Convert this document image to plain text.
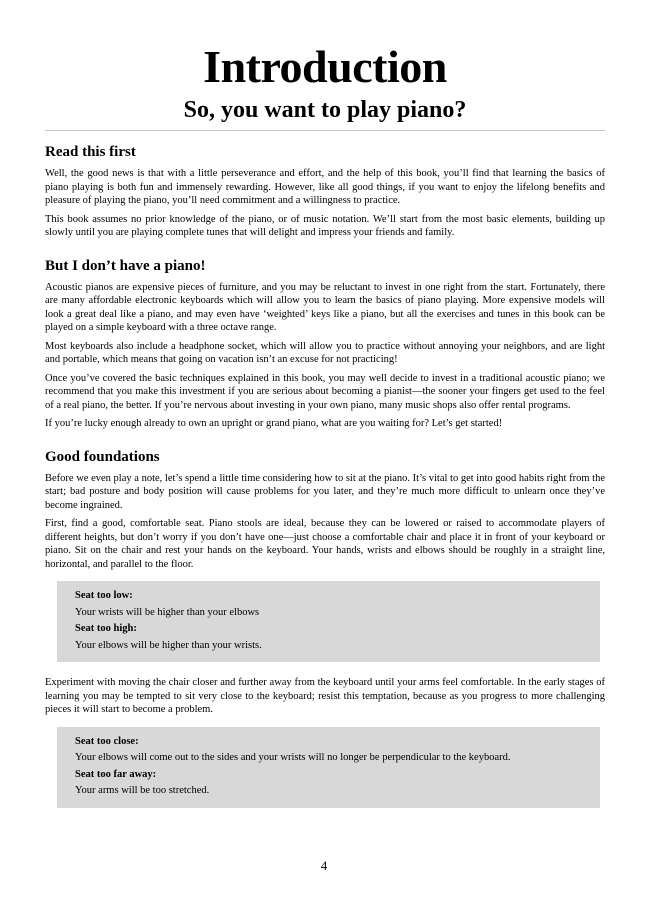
Introduction
So, you want to play piano?
Read this first

Well, the good news is that with a little perseverance and effort, and the help of this book, you’ll find that learning the basics of piano playing is both fun and immensely rewarding. However, like all good things, if you want to enjoy the lifelong benefits and pleasure of playing the piano, you’ll need commitment and a willingness to practice.

This book assumes no prior knowledge of the piano, or of music notation. We’ll start from the most basic elements, building up slowly until you are playing complete tunes that will delight and impress your friends and family.

But I don’t have a piano!

Acoustic pianos are expensive pieces of furniture, and you may be reluctant to invest in one right from the start. Fortunately, there are many affordable electronic keyboards which will allow you to learn the basics of piano playing. More expensive models will look a great deal like a piano, and may even have ‘weighted’ keys like a piano, but all the exercises and tunes in this book can be played on a simple keyboard with a three octave range.

Most keyboards also include a headphone socket, which will allow you to practice without annoying your neighbors, and are light and portable, which means that going on vacation isn’t an excuse for not practicing!

Once you’ve covered the basic techniques explained in this book, you may well decide to invest in a traditional acoustic piano; we recommend that you make this investment if you are serious about becoming a pianist—the sooner your fingers get used to the feel of a real piano, the better. If you’re nervous about investing in your own piano, many music shops also offer rental programs.

If you’re lucky enough already to own an upright or grand piano, what are you waiting for? Let’s get started!

Good foundations

Before we even play a note, let’s spend a little time considering how to sit at the piano. It’s vital to get into good habits right from the start; bad posture and body position will cause problems for you later, and they’re much more difficult to unlearn once they’ve become ingrained.

First, find a good, comfortable seat. Piano stools are ideal, because they can be lowered or raised to accommodate players of different heights, but don’t worry if you don’t have one—just choose a comfortable chair and place it in front of your keyboard or piano. Sit on the chair and rest your hands on the keyboard. Your hands, wrists and elbows should be roughly in a straight line, horizontal, and parallel to the floor.

Seat too low:

Your wrists will be higher than your elbows

Seat too high:

Your elbows will be higher than your wrists.

Experiment with moving the chair closer and further away from the keyboard until your arms feel comfortable. In the early stages of learning you may be tempted to sit very close to the keyboard; resist this temptation, because as you progress to more challenging pieces it will start to become a problem.

Seat too close:

Your elbows will come out to the sides and your wrists will no longer be perpendicular to the keyboard.

Seat too far away:

Your arms will be too stretched.

4
